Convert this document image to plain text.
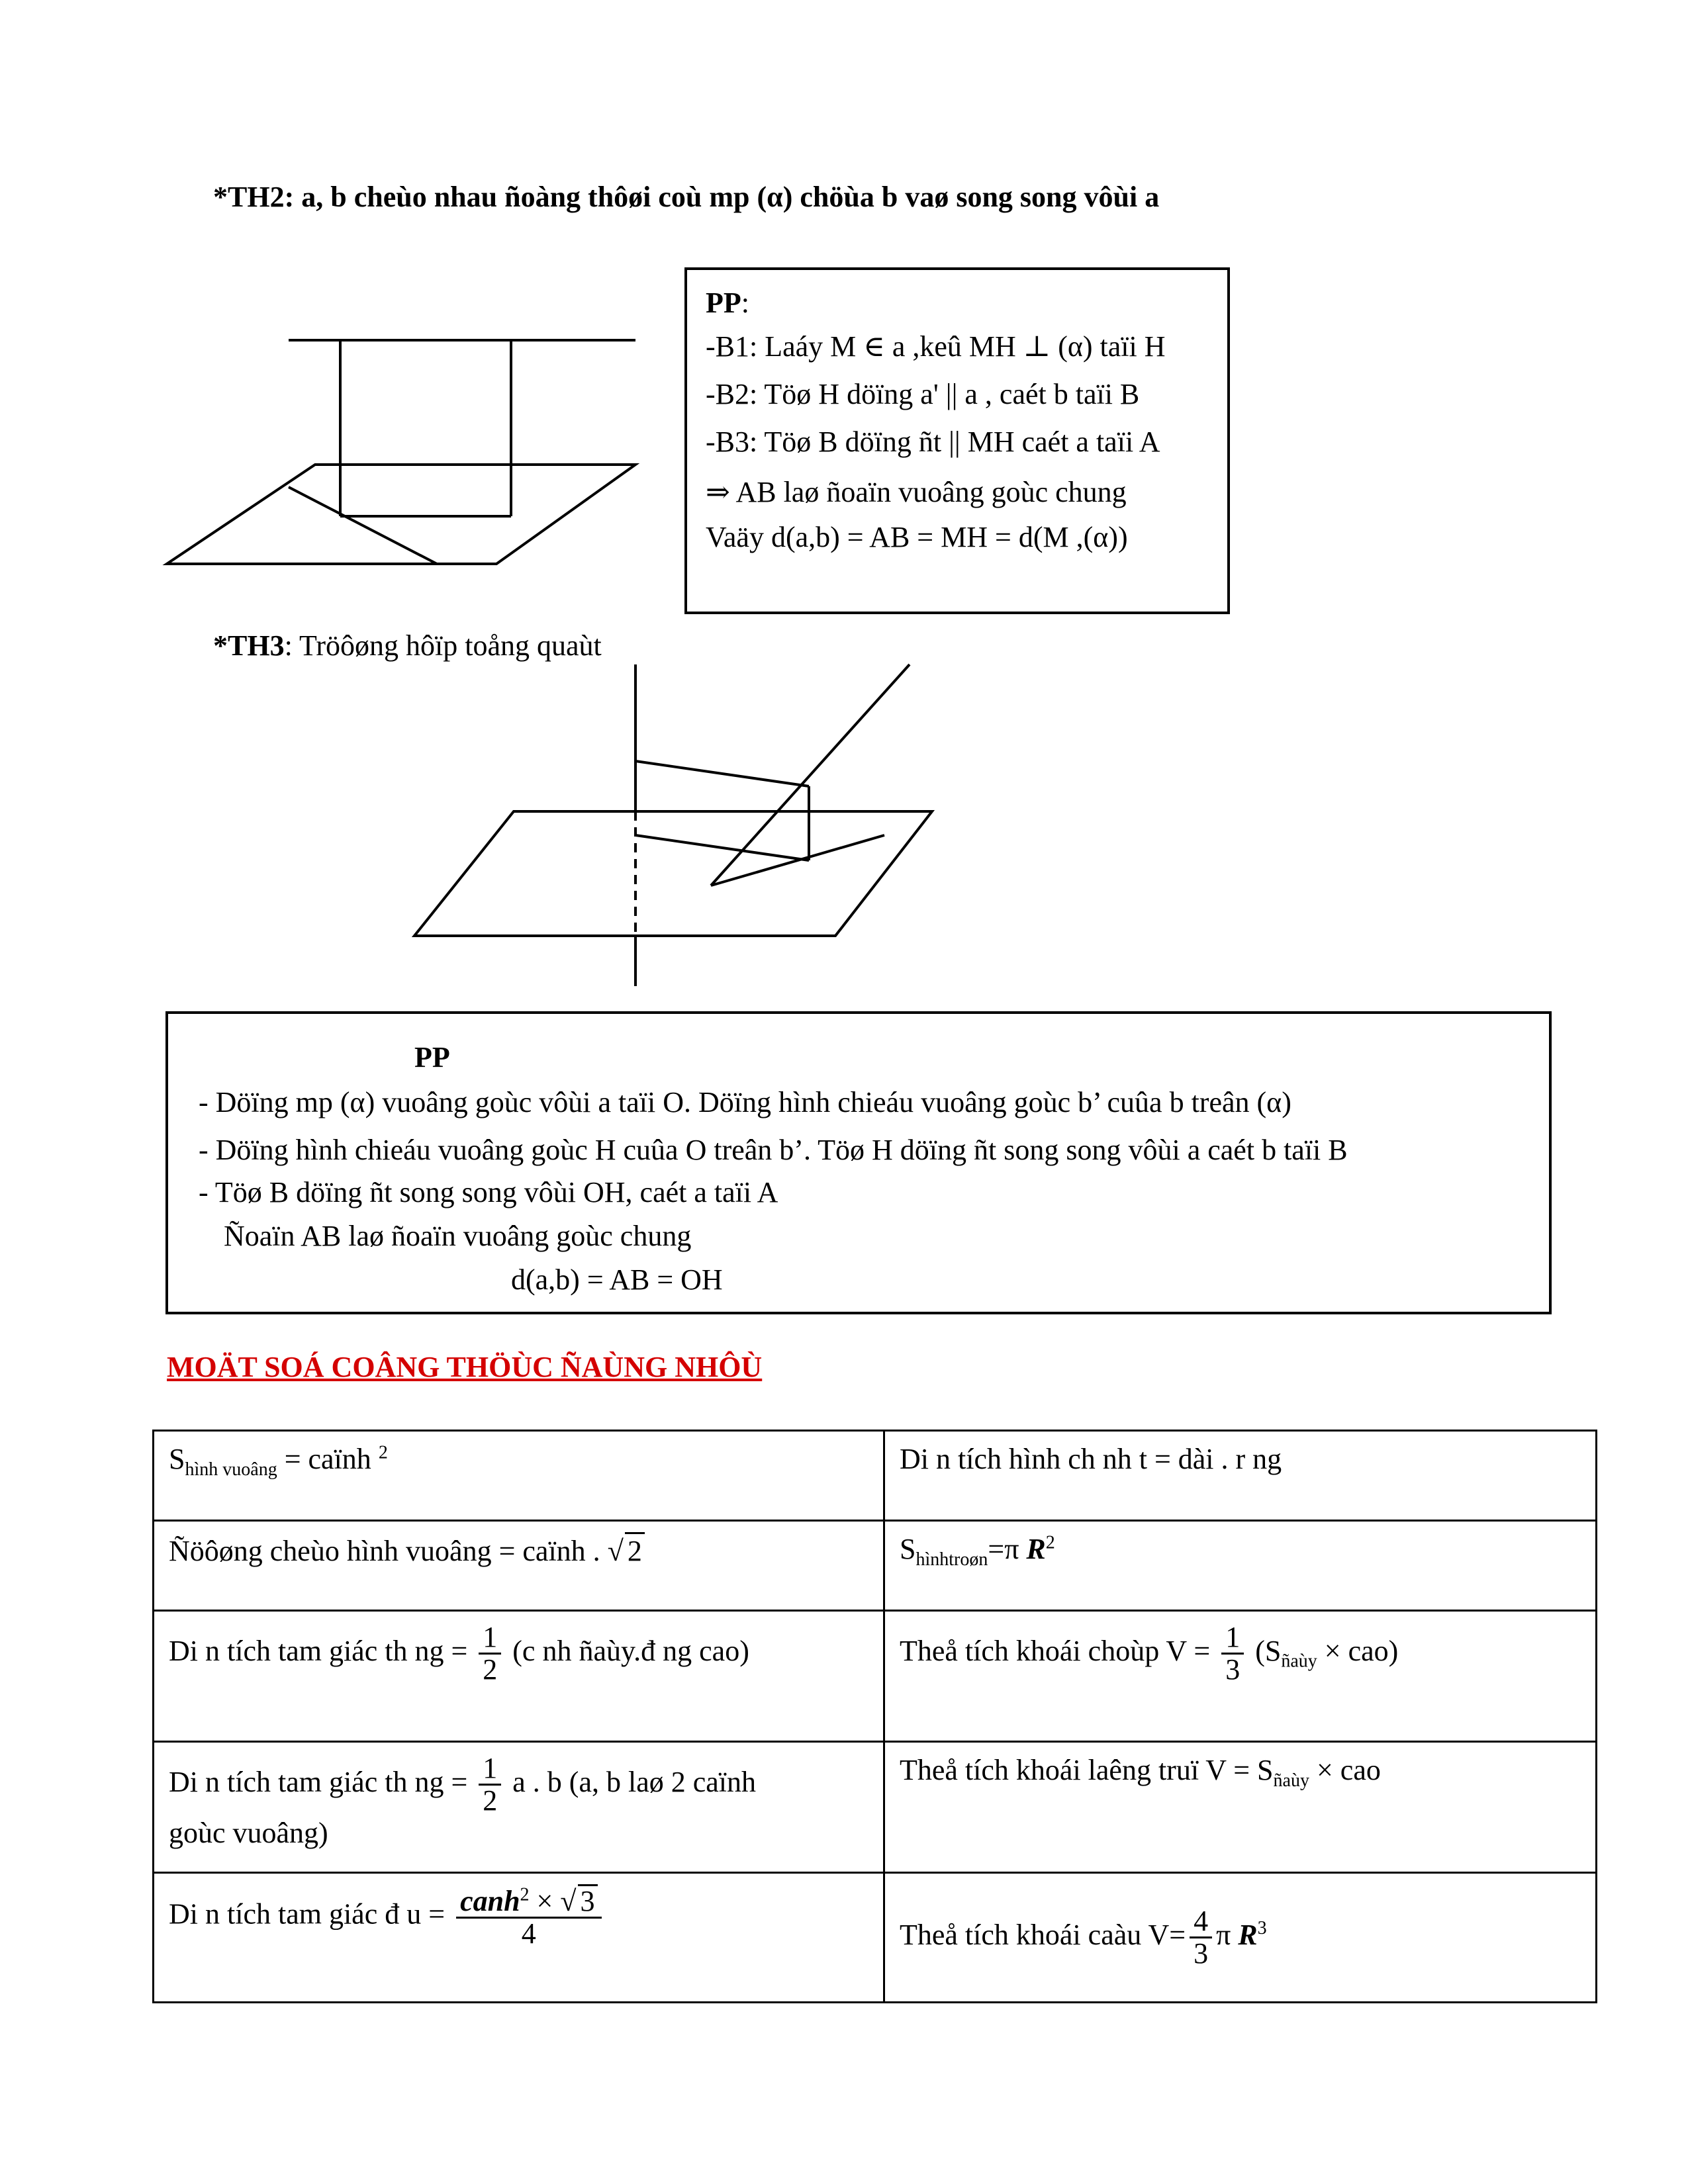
*TH2: a, b cheùo nhau ñoàng thôøi coù mp (α) chöùa b vaø song song vôùi a
PP:
-B1: Laáy M ∈ a ,keû MH ⊥ (α) taïi H
-B2: Töø H döïng a' || a , caét b taïi B
-B3: Töø B döïng ñt || MH caét a taïi A
⇒ AB laø ñoaïn vuoâng goùc chung
Vaäy d(a,b) = AB = MH = d(M ,(α))
*TH3: Tröôøng hôïp toång quaùt
PP
- Döïng mp (α) vuoâng goùc vôùi a taïi O. Döïng hình chieáu vuoâng goùc b’ cuûa b treân (α)
- Döïng hình chieáu vuoâng goùc H cuûa O treân b’. Töø H döïng ñt song song vôùi a caét b taïi B
- Töø B döïng ñt song song vôùi OH, caét a taïi A
Ñoaïn AB laø ñoaïn vuoâng goùc chung
d(a,b) = AB = OH
MOÄT SOÁ COÂNG THÖÙC ÑAÙNG NHÔÙ
$S_{hình vuoâng}$ = caïnh $^2$	Di n tích hình ch nh t = dài . r ng
Ñöôøng cheùo hình vuoâng = caïnh . √ 2	$S_{hìnhtroøn}=\pi$ $R^2$
Di n tích tam giác th ng = $\frac{1}{2} (c$ nh ñaùy.đ ng cao)	Theå tích khoái choùp $V = \frac{1}{3} (S_{ñaùy} \times cao)$
Di n tích tam giác th ng = $\frac{1}{2}$ a . b (a, b laø 2 caïnh
goùc vuoâng)	Theå tích khoái laêng truï $V = S_{ñaùy}$ × cao
Di n tích tam giác đ $u = \frac{canh^2 \times √ 3}{4}$	Theå tích khoái caàu $V= \frac{4}{3}$ π $R^3$
